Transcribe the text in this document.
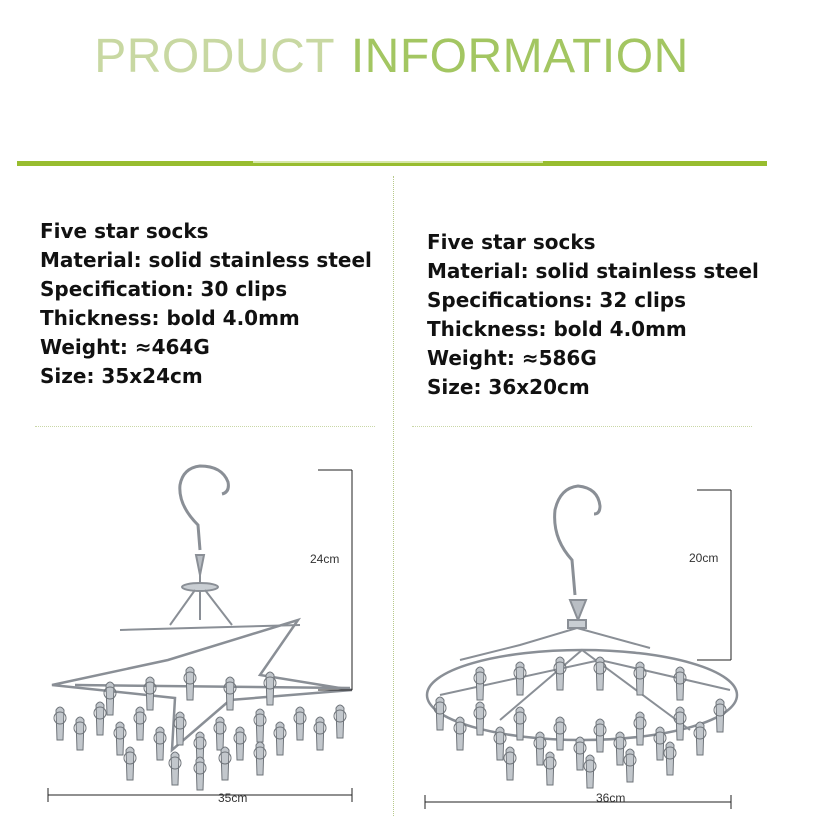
PRODUCT INFORMATION
Five star socks
Material: solid stainless steel
Specification: 30 clips
Thickness: bold 4.0mm
Weight: ≈464G
Size: 35x24cm
Five star socks
Material: solid stainless steel
Specifications: 32 clips
Thickness: bold 4.0mm
Weight: ≈586G
Size: 36x20cm
24cm
35cm
20cm
36cm
